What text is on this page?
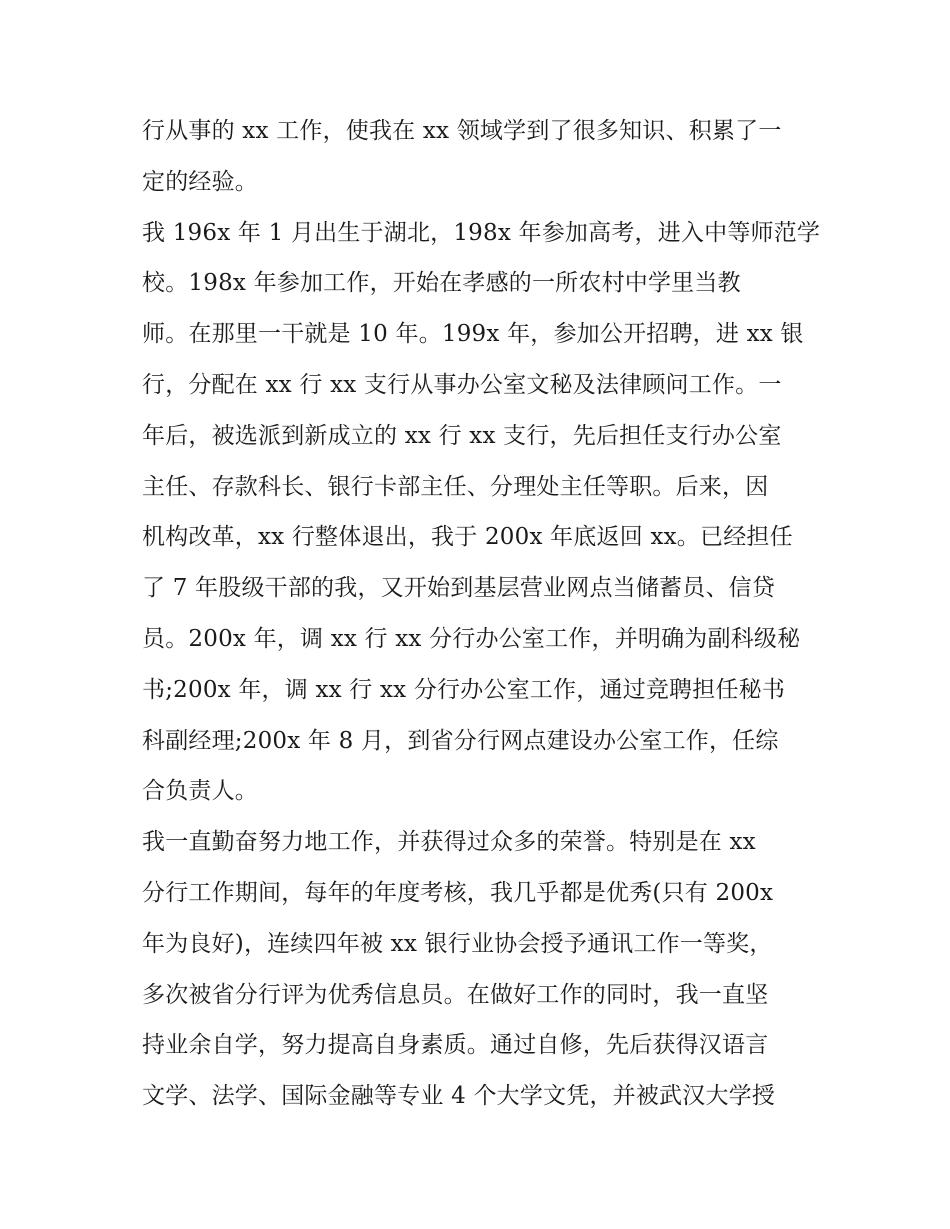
行从事的 xx 工作，使我在 xx 领域学到了很多知识、积累了一
定的经验。
我 196x 年 1 月出生于湖北，198x 年参加高考，进入中等师范学
校。198x 年参加工作，开始在孝感的一所农村中学里当教
师。在那里一干就是 10 年。199x 年，参加公开招聘，进 xx 银
行，分配在 xx 行 xx 支行从事办公室文秘及法律顾问工作。一
年后，被选派到新成立的 xx 行 xx 支行，先后担任支行办公室
主任、存款科长、银行卡部主任、分理处主任等职。后来，因
机构改革，xx 行整体退出，我于 200x 年底返回 xx。已经担任
了 7 年股级干部的我，又开始到基层营业网点当储蓄员、信贷
员。200x 年，调 xx 行 xx 分行办公室工作，并明确为副科级秘
书;200x 年，调 xx 行 xx 分行办公室工作，通过竞聘担任秘书
科副经理;200x 年 8 月，到省分行网点建设办公室工作，任综
合负责人。
我一直勤奋努力地工作，并获得过众多的荣誉。特别是在 xx
分行工作期间，每年的年度考核，我几乎都是优秀(只有 200x
年为良好)，连续四年被 xx 银行业协会授予通讯工作一等奖，
多次被省分行评为优秀信息员。在做好工作的同时，我一直坚
持业余自学，努力提高自身素质。通过自修，先后获得汉语言
文学、法学、国际金融等专业 4 个大学文凭，并被武汉大学授
